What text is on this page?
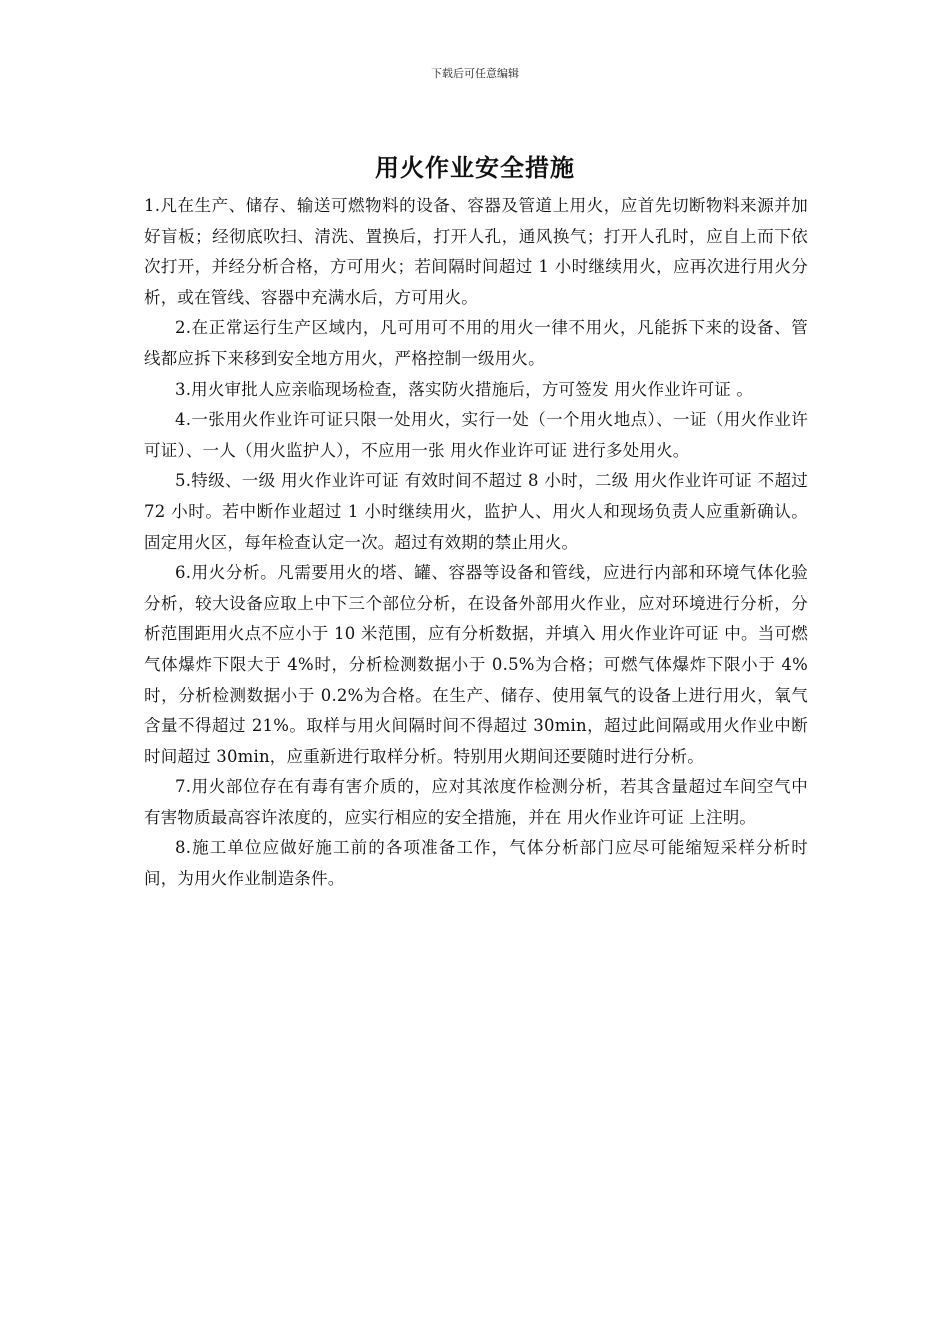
下载后可任意编辑
用火作业安全措施

1.凡在生产、储存、输送可燃物料的设备、容器及管道上用火，应首先切断物料来源并加好盲板；经彻底吹扫、清洗、置换后，打开人孔，通风换气；打开人孔时，应自上而下依次打开，并经分析合格，方可用火；若间隔时间超过 1 小时继续用火，应再次进行用火分析，或在管线、容器中充满水后，方可用火。

2.在正常运行生产区域内，凡可用可不用的用火一律不用火，凡能拆下来的设备、管线都应拆下来移到安全地方用火，严格控制一级用火。

3.用火审批人应亲临现场检查，落实防火措施后，方可签发 用火作业许可证 。

4.一张用火作业许可证只限一处用火，实行一处（一个用火地点）、一证（用火作业许可证）、一人（用火监护人），不应用一张 用火作业许可证 进行多处用火。

5.特级、一级 用火作业许可证 有效时间不超过 8 小时，二级 用火作业许可证 不超过 72 小时。若中断作业超过 1 小时继续用火，监护人、用火人和现场负责人应重新确认。固定用火区，每年检查认定一次。超过有效期的禁止用火。

6.用火分析。凡需要用火的塔、罐、容器等设备和管线，应进行内部和环境气体化验分析，较大设备应取上中下三个部位分析，在设备外部用火作业，应对环境进行分析，分析范围距用火点不应小于 10 米范围，应有分析数据，并填入 用火作业许可证 中。当可燃气体爆炸下限大于 4%时，分析检测数据小于 0.5%为合格；可燃气体爆炸下限小于 4%时，分析检测数据小于 0.2%为合格。在生产、储存、使用氧气的设备上进行用火，氧气含量不得超过 21%。取样与用火间隔时间不得超过 30min，超过此间隔或用火作业中断时间超过 30min，应重新进行取样分析。特别用火期间还要随时进行分析。

7.用火部位存在有毒有害介质的，应对其浓度作检测分析，若其含量超过车间空气中有害物质最高容许浓度的，应实行相应的安全措施，并在 用火作业许可证 上注明。

8.施工单位应做好施工前的各项准备工作，气体分析部门应尽可能缩短采样分析时间，为用火作业制造条件。
